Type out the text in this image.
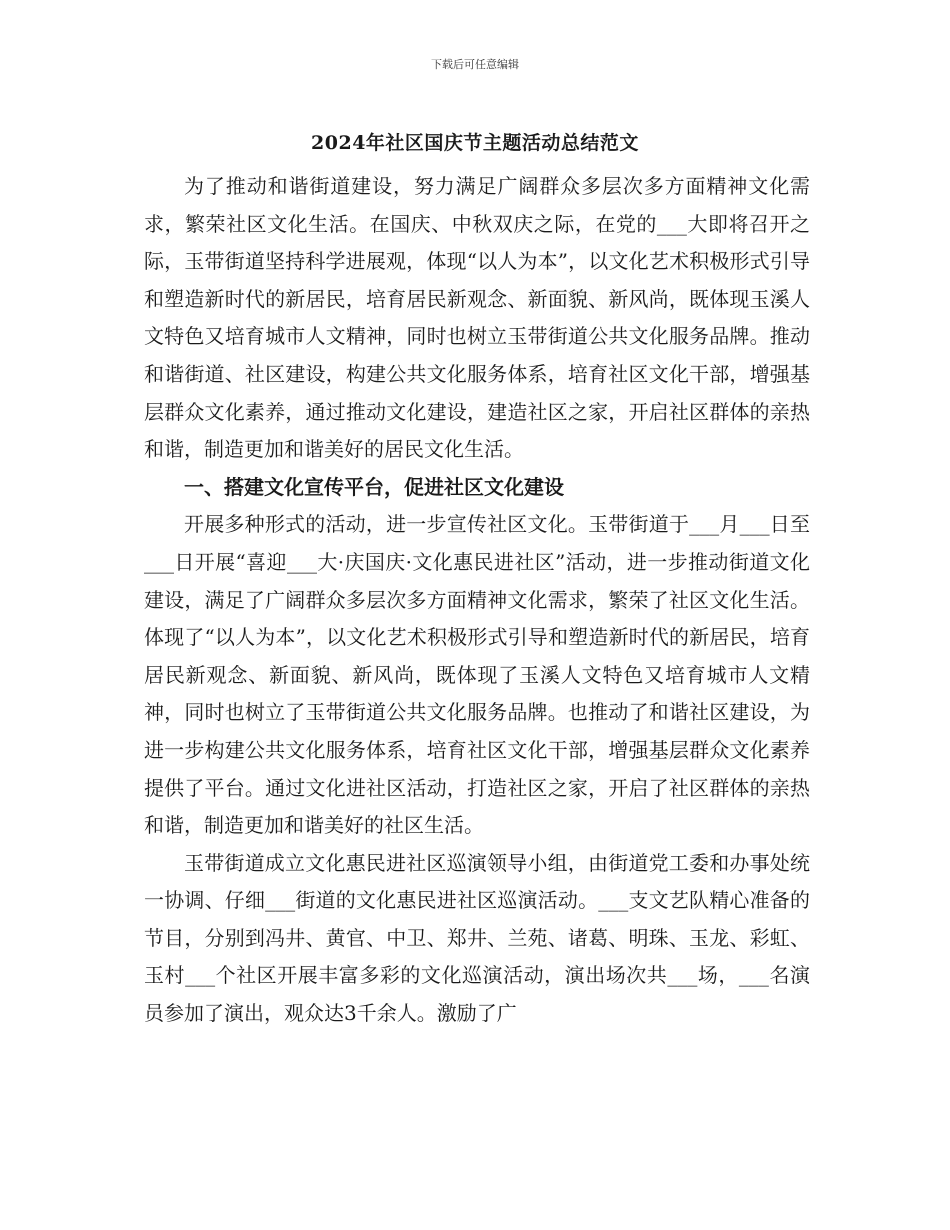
下载后可任意编辑
2024年社区国庆节主题活动总结范文

为了推动和谐街道建设，努力满足广阔群众多层次多方面精神文化需求，繁荣社区文化生活。在国庆、中秋双庆之际，在党的___大即将召开之际，玉带街道坚持科学进展观，体现“以人为本”，以文化艺术积极形式引导和塑造新时代的新居民，培育居民新观念、新面貌、新风尚，既体现玉溪人文特色又培育城市人文精神，同时也树立玉带街道公共文化服务品牌。推动和谐街道、社区建设，构建公共文化服务体系，培育社区文化干部，增强基层群众文化素养，通过推动文化建设，建造社区之家，开启社区群体的亲热和谐，制造更加和谐美好的居民文化生活。

一、搭建文化宣传平台，促进社区文化建设

开展多种形式的活动，进一步宣传社区文化。玉带街道于___月___日至___日开展“喜迎___大·庆国庆·文化惠民进社区”活动，进一步推动街道文化建设，满足了广阔群众多层次多方面精神文化需求，繁荣了社区文化生活。体现了“以人为本”，以文化艺术积极形式引导和塑造新时代的新居民，培育居民新观念、新面貌、新风尚，既体现了玉溪人文特色又培育城市人文精神，同时也树立了玉带街道公共文化服务品牌。也推动了和谐社区建设，为进一步构建公共文化服务体系，培育社区文化干部，增强基层群众文化素养提供了平台。通过文化进社区活动，打造社区之家，开启了社区群体的亲热和谐，制造更加和谐美好的社区生活。

玉带街道成立文化惠民进社区巡演领导小组，由街道党工委和办事处统一协调、仔细___街道的文化惠民进社区巡演活动。___支文艺队精心准备的节目，分别到冯井、黄官、中卫、郑井、兰苑、诸葛、明珠、玉龙、彩虹、玉村___个社区开展丰富多彩的文化巡演活动，演出场次共___场，___名演员参加了演出，观众达3千余人。激励了广
